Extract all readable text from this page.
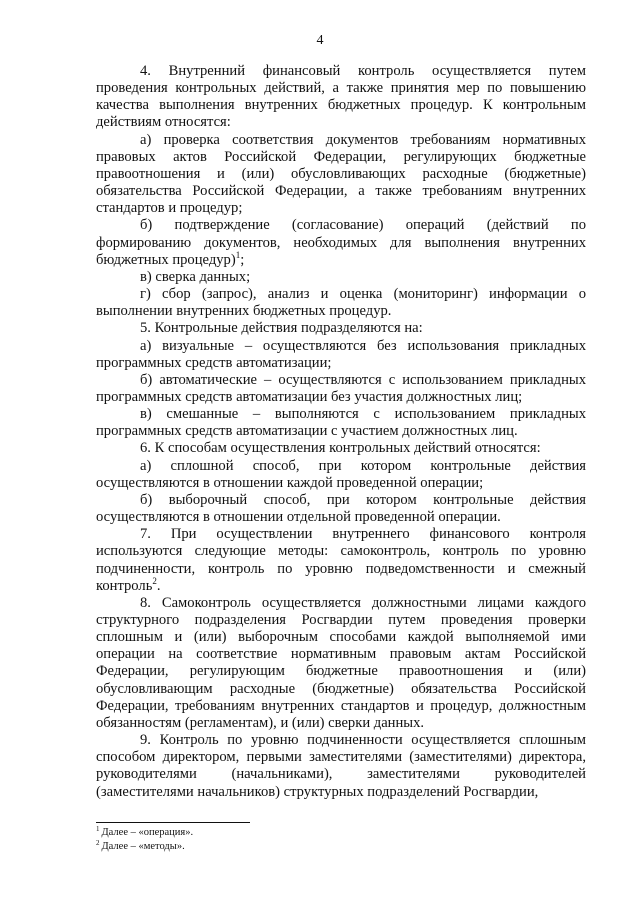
4

4. Внутренний финансовый контроль осуществляется путем проведения контрольных действий, а также принятия мер по повышению качества выполнения внутренних бюджетных процедур. К контрольным действиям относятся:

а) проверка соответствия документов требованиям нормативных правовых актов Российской Федерации, регулирующих бюджетные правоотношения и (или) обусловливающих расходные (бюджетные) обязательства Российской Федерации, а также требованиям внутренних стандартов и процедур;

б) подтверждение (согласование) операций (действий по формированию документов, необходимых для выполнения внутренних бюджетных процедур)$^1$;

в) сверка данных;

г) сбор (запрос), анализ и оценка (мониторинг) информации о выполнении внутренних бюджетных процедур.

5. Контрольные действия подразделяются на:

а) визуальные – осуществляются без использования прикладных программных средств автоматизации;

б) автоматические – осуществляются с использованием прикладных программных средств автоматизации без участия должностных лиц;

в) смешанные – выполняются с использованием прикладных программных средств автоматизации с участием должностных лиц.

6. К способам осуществления контрольных действий относятся:

а) сплошной способ, при котором контрольные действия осуществляются в отношении каждой проведенной операции;

б) выборочный способ, при котором контрольные действия осуществляются в отношении отдельной проведенной операции.

7. При осуществлении внутреннего финансового контроля используются следующие методы: самоконтроль, контроль по уровню подчиненности, контроль по уровню подведомственности и смежный контроль$^2$.

8. Самоконтроль осуществляется должностными лицами каждого структурного подразделения Росгвардии путем проведения проверки сплошным и (или) выборочным способами каждой выполняемой ими операции на соответствие нормативным правовым актам Российской Федерации, регулирующим бюджетные правоотношения и (или) обусловливающим расходные (бюджетные) обязательства Российской Федерации, требованиям внутренних стандартов и процедур, должностным обязанностям (регламентам), и (или) сверки данных.

9. Контроль по уровню подчиненности осуществляется сплошным способом директором, первыми заместителями (заместителями) директора, руководителями (начальниками), заместителями руководителей (заместителями начальников) структурных подразделений Росгвардии,

$^1$ Далее – «операция».

$^2$ Далее – «методы».
